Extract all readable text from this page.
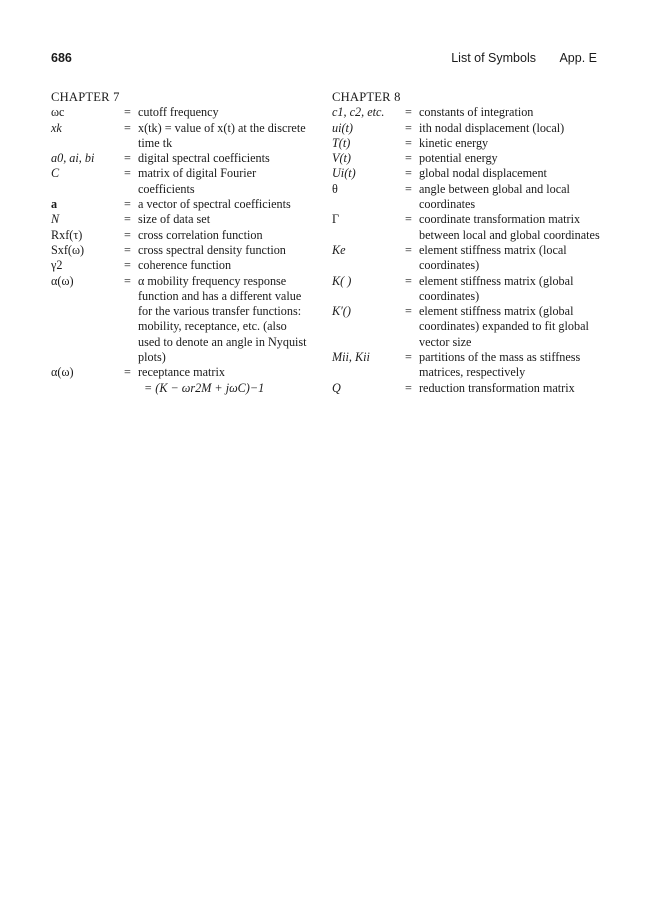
686	List of Symbols App. E
CHAPTER 7
ωc	= cutoff frequency
xk	= x(tk) = value of x(t) at the discrete time tk
a0, ai, bi	= digital spectral coefficients
C	= matrix of digital Fourier coefficients
a	= a vector of spectral coefficients
N	= size of data set
Rxf(τ)	= cross correlation function
Sxf(ω)	= cross spectral density function
γ2	= coherence function
α(ω)	= α mobility frequency response function and has a different value for the various transfer functions: mobility, receptance, etc. (also used to denote an angle in Nyquist plots)
α(ω)	= receptance matrix
= (K − ωr2M + jωC)−1
CHAPTER 8
c1, c2, etc.	= constants of integration
ui(t)	= ith nodal displacement (local)
T(t)	= kinetic energy
V(t)	= potential energy
Ui(t)	= global nodal displacement
θ	= angle between global and local coordinates
Γ	= coordinate transformation matrix between local and global coordinates
Ke	= element stiffness matrix (local coordinates)
K( )	= element stiffness matrix (global coordinates)
K′()	= element stiffness matrix (global coordinates) expanded to fit global vector size
Mii, Kii	= partitions of the mass as stiffness matrices, respectively
Q	= reduction transformation matrix
